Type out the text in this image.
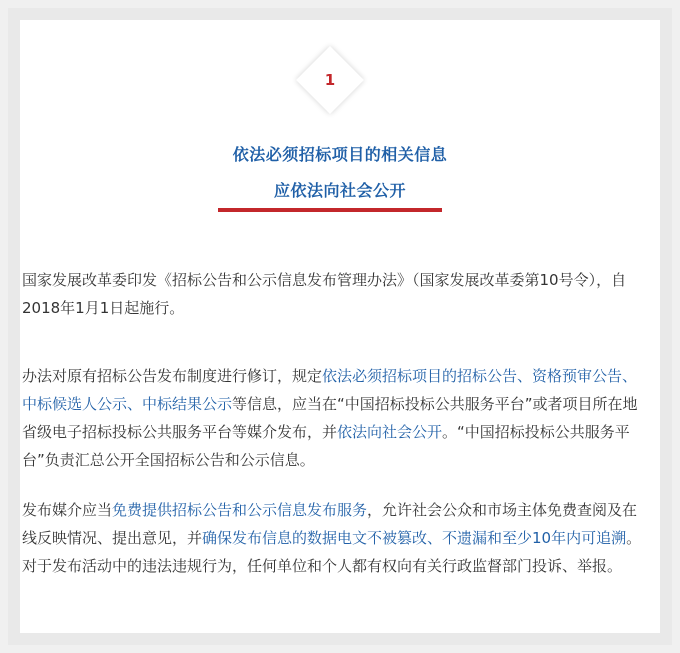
1
依法必须招标项目的相关信息
应依法向社会公开

国家发展改革委印发《招标公告和公示信息发布管理办法》（国家发展改革委第10号令），自2018年1月1日起施行。

办法对原有招标公告发布制度进行修订，规定依法必须招标项目的招标公告、资格预审公告、中标候选人公示、中标结果公示等信息，应当在“中国招标投标公共服务平台”或者项目所在地省级电子招标投标公共服务平台等媒介发布，并依法向社会公开。“中国招标投标公共服务平台”负责汇总公开全国招标公告和公示信息。

发布媒介应当免费提供招标公告和公示信息发布服务，允许社会公众和市场主体免费查阅及在线反映情况、提出意见，并确保发布信息的数据电文不被篡改、不遗漏和至少10年内可追溯。对于发布活动中的违法违规行为，任何单位和个人都有权向有关行政监督部门投诉、举报。
